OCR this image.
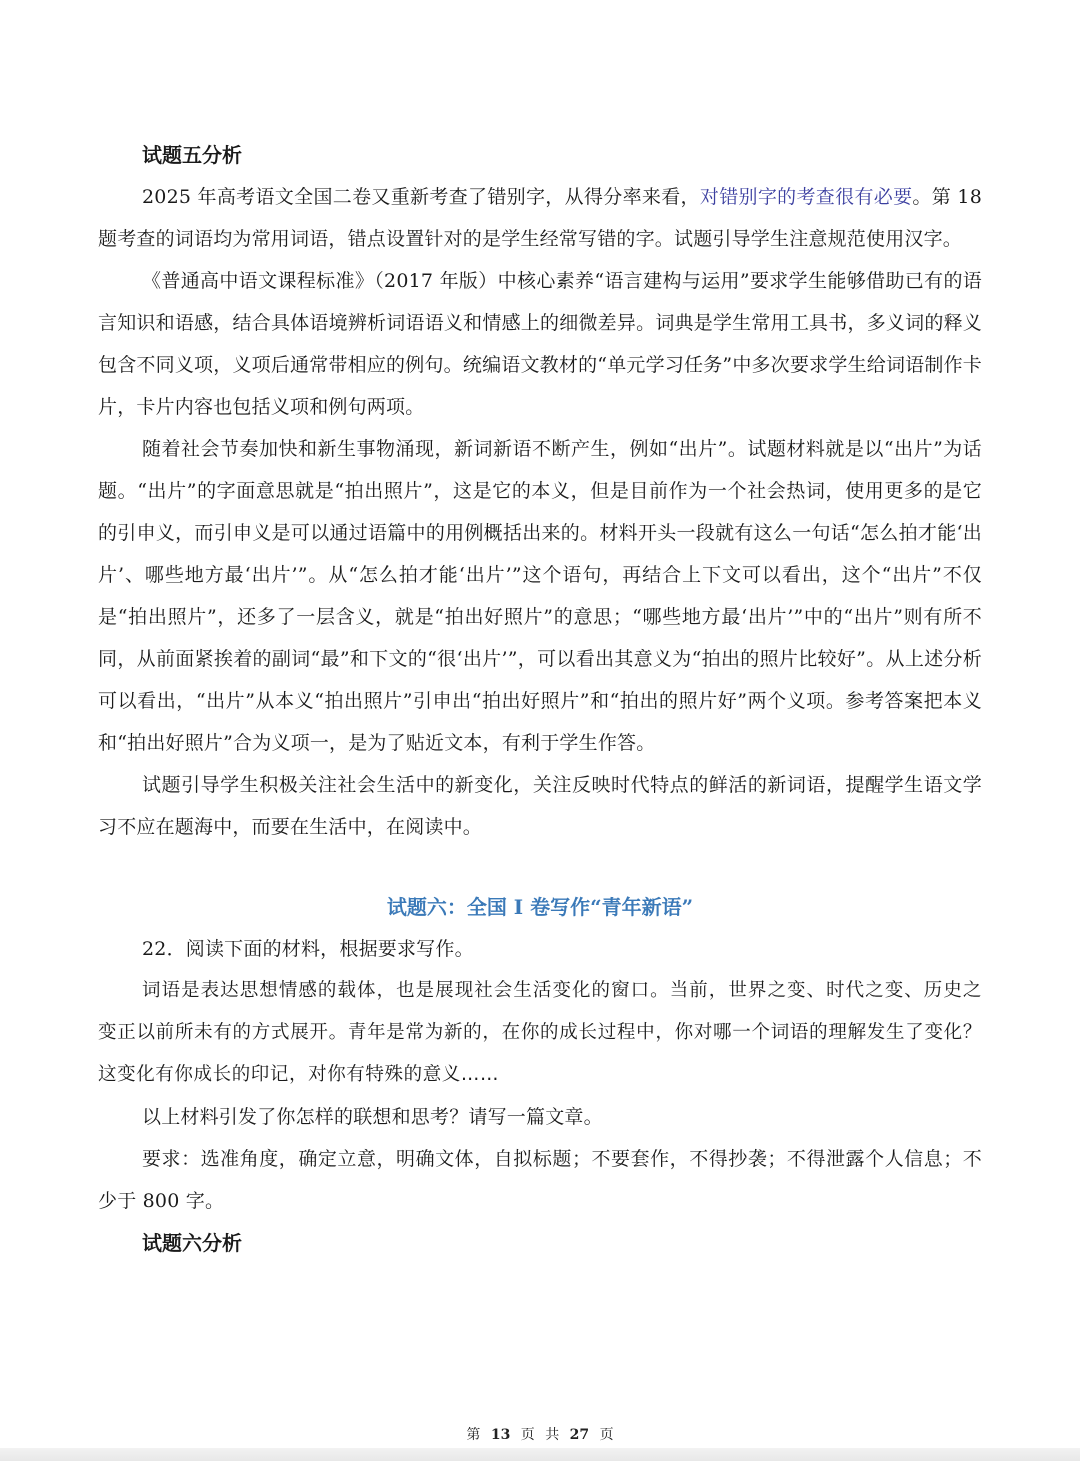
试题五分析

2025 年高考语文全国二卷又重新考查了错别字，从得分率来看，对错别字的考查很有必要。第 18 题考查的词语均为常用词语，错点设置针对的是学生经常写错的字。试题引导学生注意规范使用汉字。

《普通高中语文课程标准》（2017 年版）中核心素养“语言建构与运用”要求学生能够借助已有的语言知识和语感，结合具体语境辨析词语语义和情感上的细微差异。词典是学生常用工具书，多义词的释义包含不同义项，义项后通常带相应的例句。统编语文教材的“单元学习任务”中多次要求学生给词语制作卡片，卡片内容也包括义项和例句两项。

随着社会节奏加快和新生事物涌现，新词新语不断产生，例如“出片”。试题材料就是以“出片”为话题。“出片”的字面意思就是“拍出照片”，这是它的本义，但是目前作为一个社会热词，使用更多的是它的引申义，而引申义是可以通过语篇中的用例概括出来的。材料开头一段就有这么一句话“怎么拍才能‘出片’、哪些地方最‘出片’”。从“怎么拍才能‘出片’”这个语句，再结合上下文可以看出，这个“出片”不仅是“拍出照片”，还多了一层含义，就是“拍出好照片”的意思；“哪些地方最‘出片’”中的“出片”则有所不同，从前面紧挨着的副词“最”和下文的“很‘出片’”，可以看出其意义为“拍出的照片比较好”。从上述分析可以看出，“出片”从本义“拍出照片”引申出“拍出好照片”和“拍出的照片好”两个义项。参考答案把本义和“拍出好照片”合为义项一，是为了贴近文本，有利于学生作答。

试题引导学生积极关注社会生活中的新变化，关注反映时代特点的鲜活的新词语，提醒学生语文学习不应在题海中，而要在生活中，在阅读中。

试题六：全国 I 卷写作“青年新语”

22．阅读下面的材料，根据要求写作。

词语是表达思想情感的载体，也是展现社会生活变化的窗口。当前，世界之变、时代之变、历史之变正以前所未有的方式展开。青年是常为新的，在你的成长过程中，你对哪一个词语的理解发生了变化？这变化有你成长的印记，对你有特殊的意义……

以上材料引发了你怎样的联想和思考？请写一篇文章。

要求：选准角度，确定立意，明确文体，自拟标题；不要套作，不得抄袭；不得泄露个人信息；不少于 800 字。

试题六分析
第 13 页 共 27 页
